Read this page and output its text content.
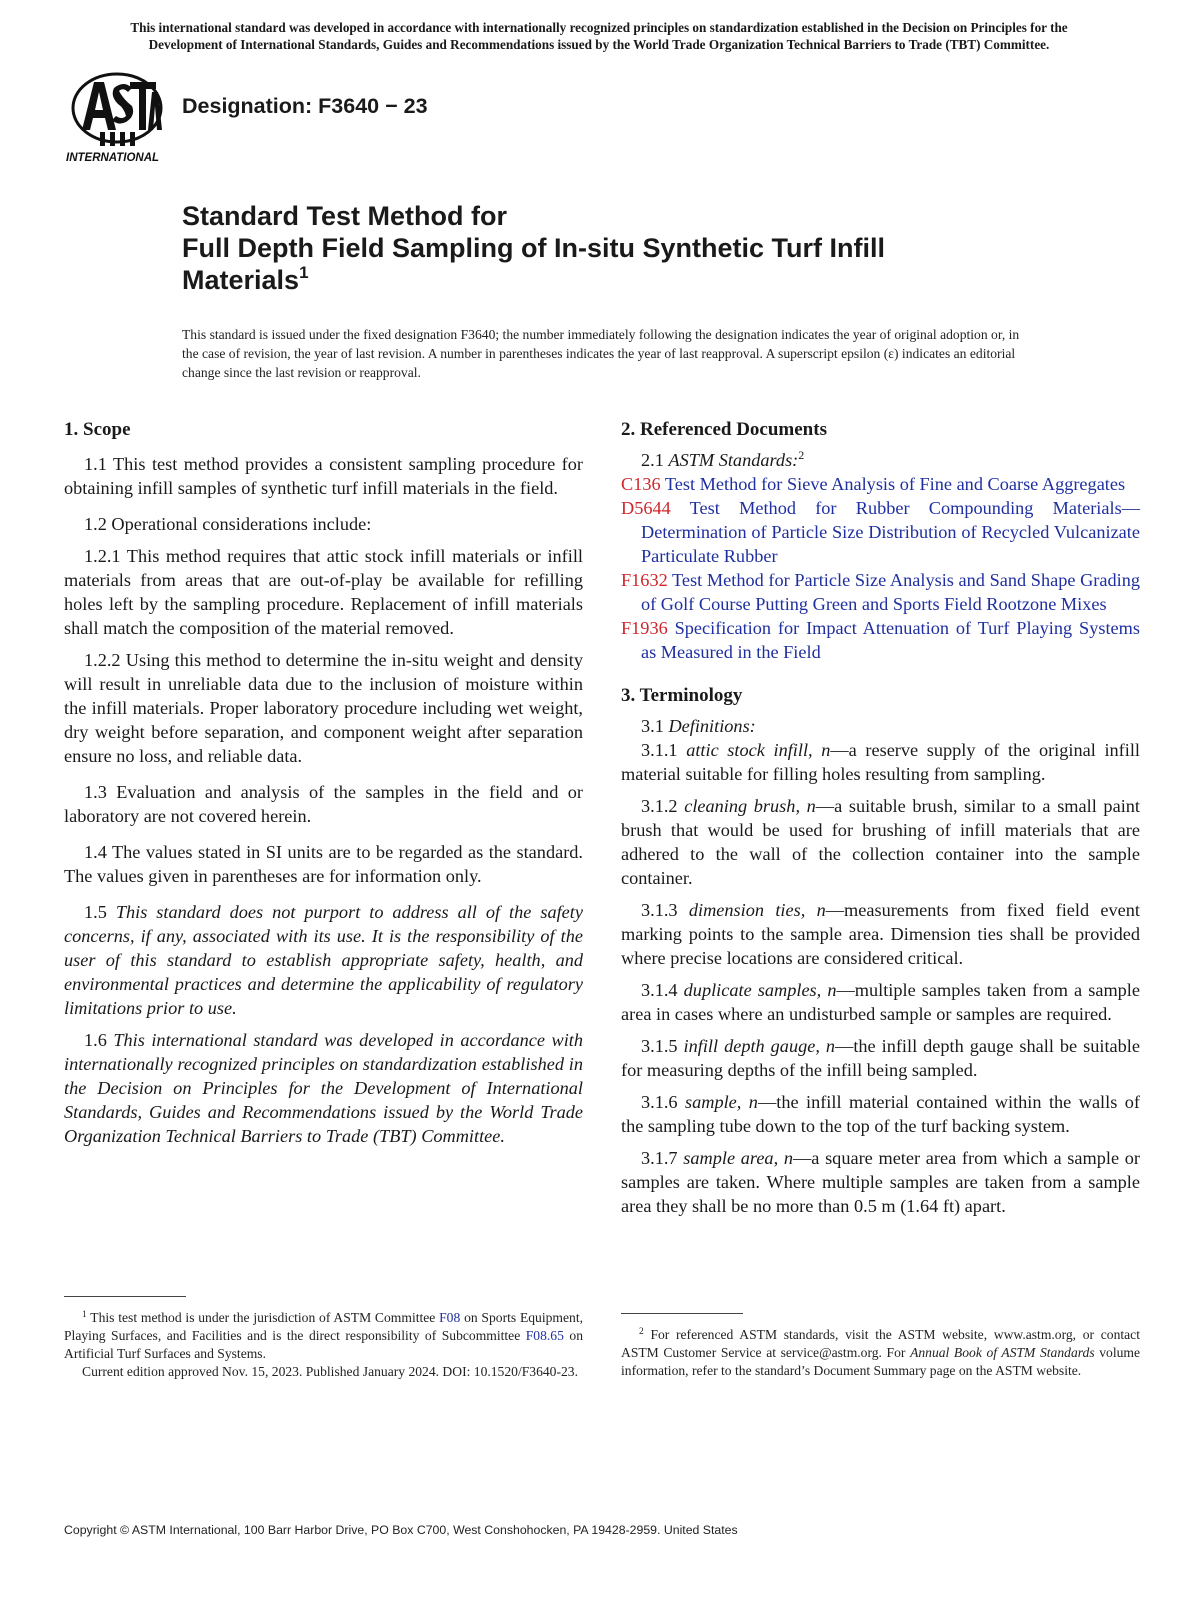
This international standard was developed in accordance with internationally recognized principles on standardization established in the Decision on Principles for the
Development of International Standards, Guides and Recommendations issued by the World Trade Organization Technical Barriers to Trade (TBT) Committee.
INTERNATIONAL
Designation: F3640 − 23
Standard Test Method for
Full Depth Field Sampling of In-situ Synthetic Turf Infill
Materials$^1$
This standard is issued under the fixed designation F3640; the number immediately following the designation indicates the year of original adoption or, in the case of revision, the year of last revision. A number in parentheses indicates the year of last reapproval. A superscript epsilon (ε) indicates an editorial change since the last revision or reapproval.
1. Scope

1.1 This test method provides a consistent sampling procedure for obtaining infill samples of synthetic turf infill materials in the field.

1.2 Operational considerations include:

1.2.1 This method requires that attic stock infill materials or infill materials from areas that are out-of-play be available for refilling holes left by the sampling procedure. Replacement of infill materials shall match the composition of the material removed.

1.2.2 Using this method to determine the in-situ weight and density will result in unreliable data due to the inclusion of moisture within the infill materials. Proper laboratory procedure including wet weight, dry weight before separation, and component weight after separation ensure no loss, and reliable data.

1.3 Evaluation and analysis of the samples in the field and or laboratory are not covered herein.

1.4 The values stated in SI units are to be regarded as the standard. The values given in parentheses are for information only.

1.5 This standard does not purport to address all of the safety concerns, if any, associated with its use. It is the responsibility of the user of this standard to establish appropriate safety, health, and environmental practices and determine the applicability of regulatory limitations prior to use.

1.6 This international standard was developed in accordance with internationally recognized principles on standardization established in the Decision on Principles for the Development of International Standards, Guides and Recommendations issued by the World Trade Organization Technical Barriers to Trade (TBT) Committee.

2. Referenced Documents

2.1 ASTM Standards:$^2$

C136 Test Method for Sieve Analysis of Fine and Coarse Aggregates

D5644 Test Method for Rubber Compounding Materials—Determination of Particle Size Distribution of Recycled Vulcanizate Particulate Rubber

F1632 Test Method for Particle Size Analysis and Sand Shape Grading of Golf Course Putting Green and Sports Field Rootzone Mixes

F1936 Specification for Impact Attenuation of Turf Playing Systems as Measured in the Field

3. Terminology

3.1 Definitions:

3.1.1 attic stock infill, n—a reserve supply of the original infill material suitable for filling holes resulting from sampling.

3.1.2 cleaning brush, n—a suitable brush, similar to a small paint brush that would be used for brushing of infill materials that are adhered to the wall of the collection container into the sample container.

3.1.3 dimension ties, n—measurements from fixed field event marking points to the sample area. Dimension ties shall be provided where precise locations are considered critical.

3.1.4 duplicate samples, n—multiple samples taken from a sample area in cases where an undisturbed sample or samples are required.

3.1.5 infill depth gauge, n—the infill depth gauge shall be suitable for measuring depths of the infill being sampled.

3.1.6 sample, n—the infill material contained within the walls of the sampling tube down to the top of the turf backing system.

3.1.7 sample area, n—a square meter area from which a sample or samples are taken. Where multiple samples are taken from a sample area they shall be no more than 0.5 m (1.64 ft) apart.

$^1$ This test method is under the jurisdiction of ASTM Committee F08 on Sports Equipment, Playing Surfaces, and Facilities and is the direct responsibility of Subcommittee F08.65 on Artificial Turf Surfaces and Systems.
Current edition approved Nov. 15, 2023. Published January 2024. DOI: 10.1520/F3640-23.
$^2$ For referenced ASTM standards, visit the ASTM website, www.astm.org, or contact ASTM Customer Service at service@astm.org. For Annual Book of ASTM Standards volume information, refer to the standard’s Document Summary page on the ASTM website.
Copyright © ASTM International, 100 Barr Harbor Drive, PO Box C700, West Conshohocken, PA 19428-2959. United States
